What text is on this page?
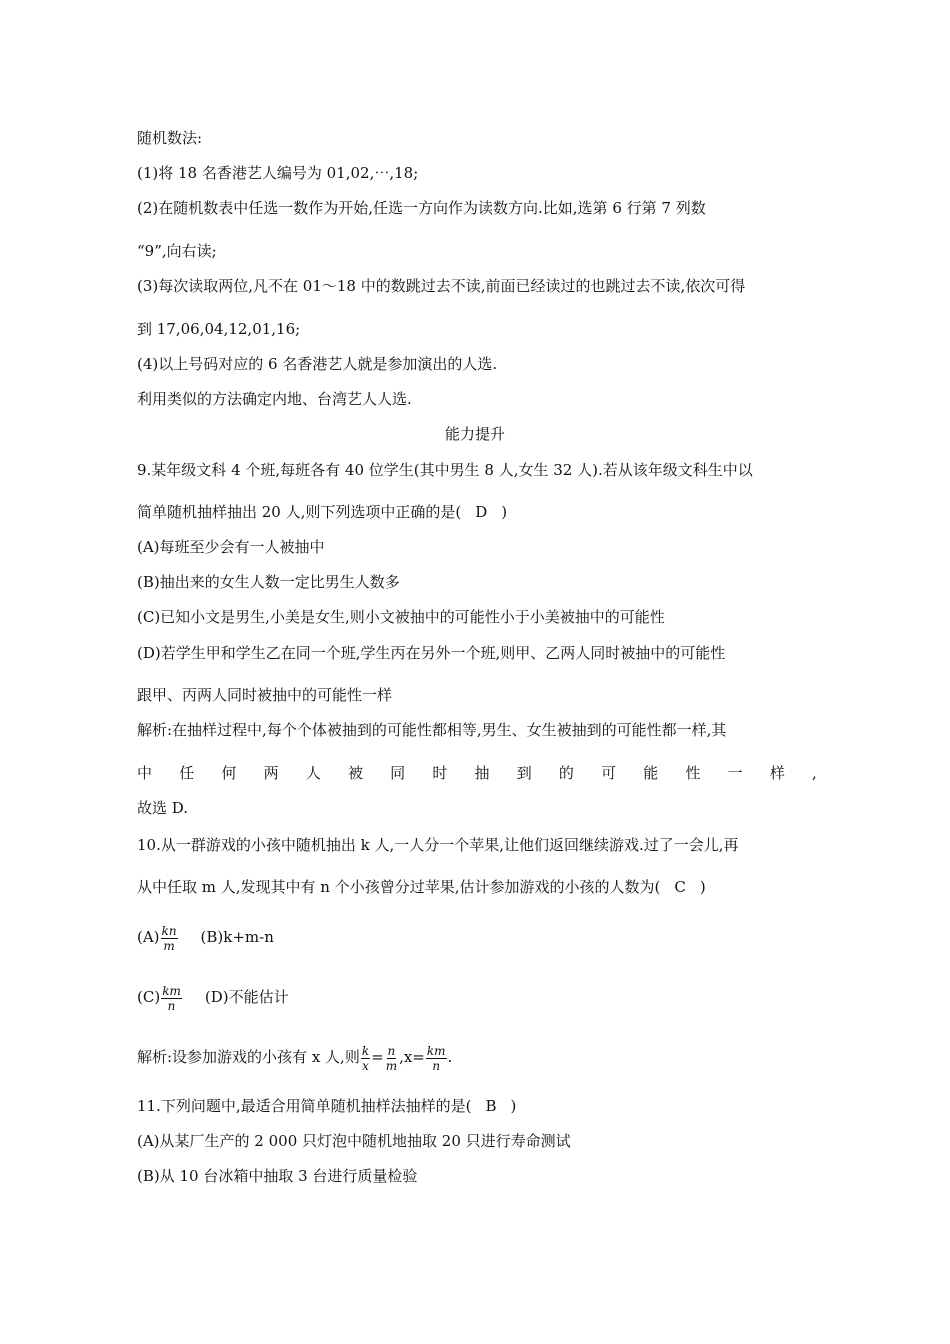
随机数法:
(1)将 18 名香港艺人编号为 01,02,⋯,18;
(2)在随机数表中任选一数作为开始,任选一方向作为读数方向.比如,选第 6 行第 7 列数
“9”,向右读;
(3)每次读取两位,凡不在 01～18 中的数跳过去不读,前面已经读过的也跳过去不读,依次可得
到 17,06,04,12,01,16;
(4)以上号码对应的 6 名香港艺人就是参加演出的人选.
利用类似的方法确定内地、台湾艺人人选.
能力提升
9.某年级文科 4 个班,每班各有 40 位学生(其中男生 8 人,女生 32 人).若从该年级文科生中以
简单随机抽样抽出 20 人,则下列选项中正确的是( D )
(A)每班至少会有一人被抽中
(B)抽出来的女生人数一定比男生人数多
(C)已知小文是男生,小美是女生,则小文被抽中的可能性小于小美被抽中的可能性
(D)若学生甲和学生乙在同一个班,学生丙在另外一个班,则甲、乙两人同时被抽中的可能性
跟甲、丙两人同时被抽中的可能性一样
解析:在抽样过程中,每个个体被抽到的可能性都相等,男生、女生被抽到的可能性都一样,其
中 任 何 两 人 被 同 时 抽 到 的 可 能 性 一 样 ,
故选 D.
10.从一群游戏的小孩中随机抽出 k 人,一人分一个苹果,让他们返回继续游戏.过了一会儿,再
从中任取 m 人,发现其中有 n 个小孩曾分过苹果,估计参加游戏的小孩的人数为( C )
$(A) \frac{kn}{m} (B)k+m-n$
$(C) \frac{km}{n} (D)$不能估计
解析:设参加游戏的小孩有 x 人,则 $\frac{k}{x} = \frac{n}{m} ,x= \frac{km}{n}$ .
11.下列问题中,最适合用简单随机抽样法抽样的是( B )
(A)从某厂生产的 2 000 只灯泡中随机地抽取 20 只进行寿命测试
(B)从 10 台冰箱中抽取 3 台进行质量检验
